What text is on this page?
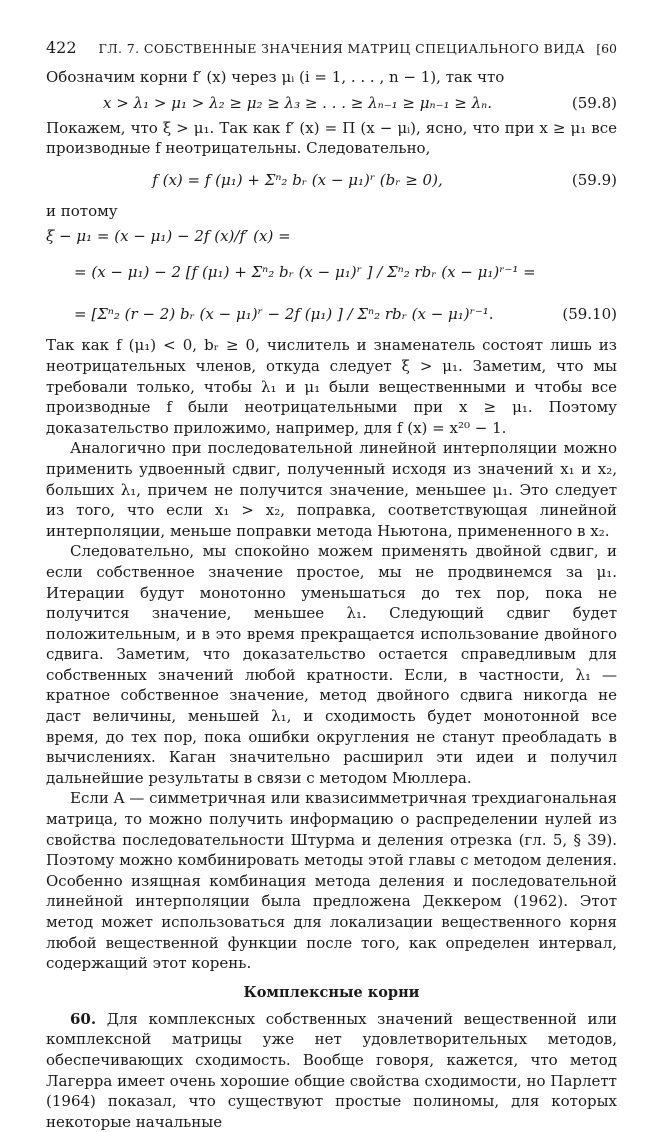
422	ГЛ. 7. СОБСТВЕННЫЕ ЗНАЧЕНИЯ МАТРИЦ СПЕЦИАЛЬНОГО ВИДА [60

Обозначим корни f′ (x) через μᵢ (i = 1, . . . , n − 1), так что

x > λ₁ > μ₁ > λ₂ ≥ μ₂ ≥ λ₃ ≥ . . . ≥ λₙ₋₁ ≥ μₙ₋₁ ≥ λₙ.	(59.8)

Покажем, что ξ > μ₁. Так как f′ (x) = Π (x − μᵢ), ясно, что при x ≥ μ₁ все производные f неотрицательны. Следовательно,

f (x) = f (μ₁) + Σⁿ₂ bᵣ (x − μ₁)ʳ (bᵣ ≥ 0),	(59.9)

и потому

ξ − μ₁ = (x − μ₁) − 2f (x)/f′ (x) =
= (x − μ₁) − 2 [f (μ₁) + Σⁿ₂ bᵣ (x − μ₁)ʳ ] / Σⁿ₂ rbᵣ (x − μ₁)ʳ⁻¹ =
= [Σⁿ₂ (r − 2) bᵣ (x − μ₁)ʳ − 2f (μ₁) ] / Σⁿ₂ rbᵣ (x − μ₁)ʳ⁻¹.	(59.10)

Так как f (μ₁) < 0, bᵣ ≥ 0, числитель и знаменатель состоят лишь из неотрицательных членов, откуда следует ξ > μ₁. Заметим, что мы требовали только, чтобы λ₁ и μ₁ были вещественными и чтобы все производные f были неотрицательными при x ≥ μ₁. Поэтому доказательство приложимо, например, для f (x) = x²⁰ − 1.

Аналогично при последовательной линейной интерполяции можно применить удвоенный сдвиг, полученный исходя из значений x₁ и x₂, больших λ₁, причем не получится значение, меньшее μ₁. Это следует из того, что если x₁ > x₂, поправка, соответствующая линейной интерполяции, меньше поправки метода Ньютона, примененного в x₂.

Следовательно, мы спокойно можем применять двойной сдвиг, и если собственное значение простое, мы не продвинемся за μ₁. Итерации будут монотонно уменьшаться до тех пор, пока не получится значение, меньшее λ₁. Следующий сдвиг будет положительным, и в это время прекращается использование двойного сдвига. Заметим, что доказательство остается справедливым для собственных значений любой кратности. Если, в частности, λ₁ — кратное собственное значение, метод двойного сдвига никогда не даст величины, меньшей λ₁, и сходимость будет монотонной все время, до тех пор, пока ошибки округления не станут преобладать в вычислениях. Каган значительно расширил эти идеи и получил дальнейшие результаты в связи с методом Мюллера.

Если A — симметричная или квазисимметричная трехдиагональная матрица, то можно получить информацию о распределении нулей из свойства последовательности Штурма и деления отрезка (гл. 5, § 39). Поэтому можно комбинировать методы этой главы с методом деления. Особенно изящная комбинация метода деления и последовательной линейной интерполяции была предложена Деккером (1962). Этот метод может использоваться для локализации вещественного корня любой вещественной функции после того, как определен интервал, содержащий этот корень.

Комплексные корни

60. Для комплексных собственных значений вещественной или комплексной матрицы уже нет удовлетворительных методов, обеспечивающих сходимость. Вообще говоря, кажется, что метод Лагерра имеет очень хорошие общие свойства сходимости, но Парлетт (1964) показал, что существуют простые полиномы, для которых некоторые начальные
